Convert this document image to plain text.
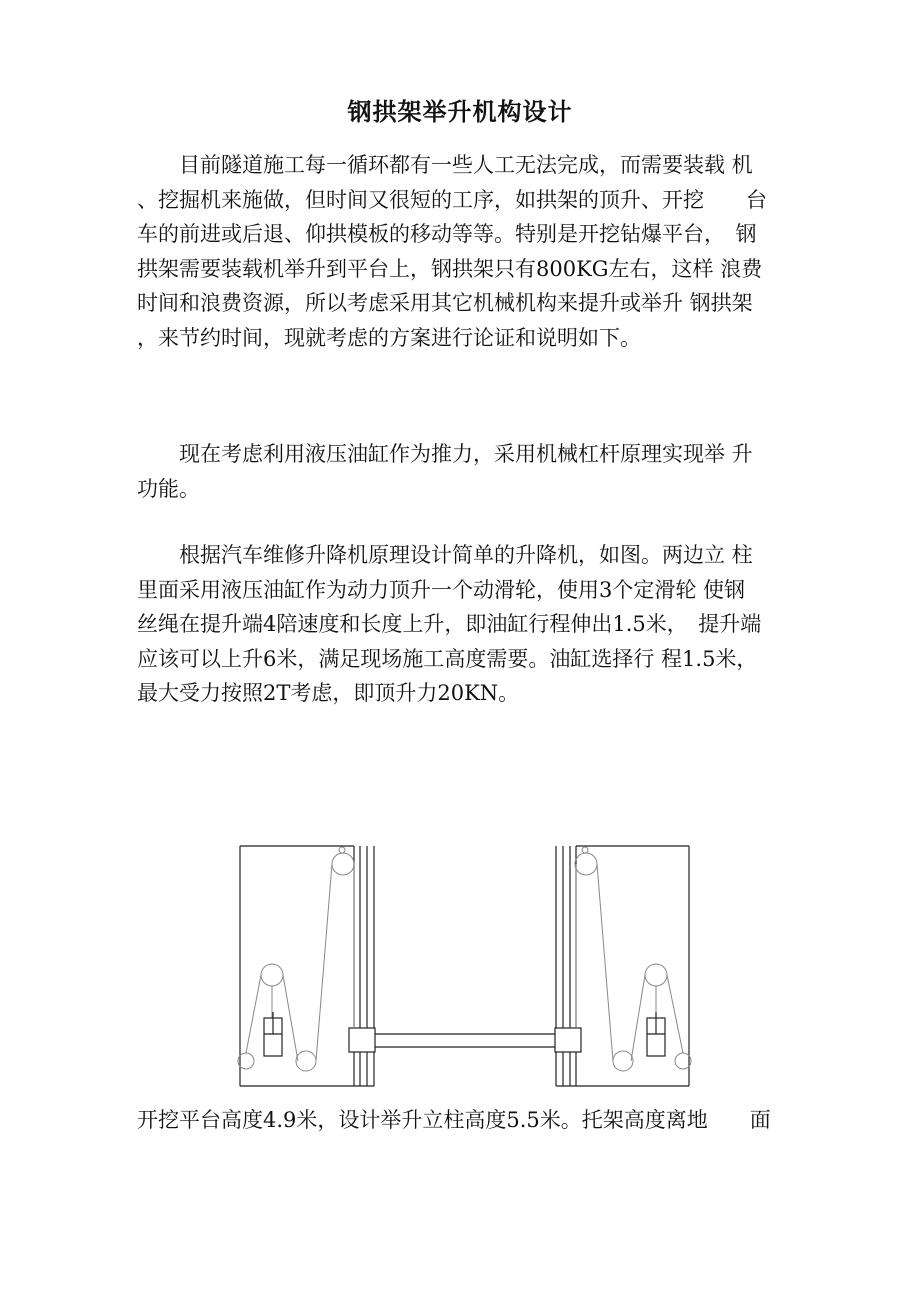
钢拱架举升机构设计
　　目前隧道施工每一循环都有一些人工无法完成，而需要装载 机
、挖掘机来施做，但时间又很短的工序，如拱架的顶升、开挖　　台
车的前进或后退、仰拱模板的移动等等。特别是开挖钻爆平台，　钢
拱架需要装载机举升到平台上，钢拱架只有800KG左右，这样 浪费
时间和浪费资源，所以考虑采用其它机械机构来提升或举升 钢拱架
，来节约时间，现就考虑的方案进行论证和说明如下。
　　现在考虑利用液压油缸作为推力，采用机械杠杆原理实现举 升
功能。
　　根据汽车维修升降机原理设计简单的升降机，如图。两边立 柱
里面采用液压油缸作为动力顶升一个动滑轮，使用3个定滑轮 使钢
丝绳在提升端4陪速度和长度上升，即油缸行程伸出1.5米，　提升端
应该可以上升6米，满足现场施工高度需要。油缸选择行 程1.5米，
最大受力按照2T考虑，即顶升力20KN。
开挖平台高度4.9米，设计举升立柱高度5.5米。托架高度离地　　面
